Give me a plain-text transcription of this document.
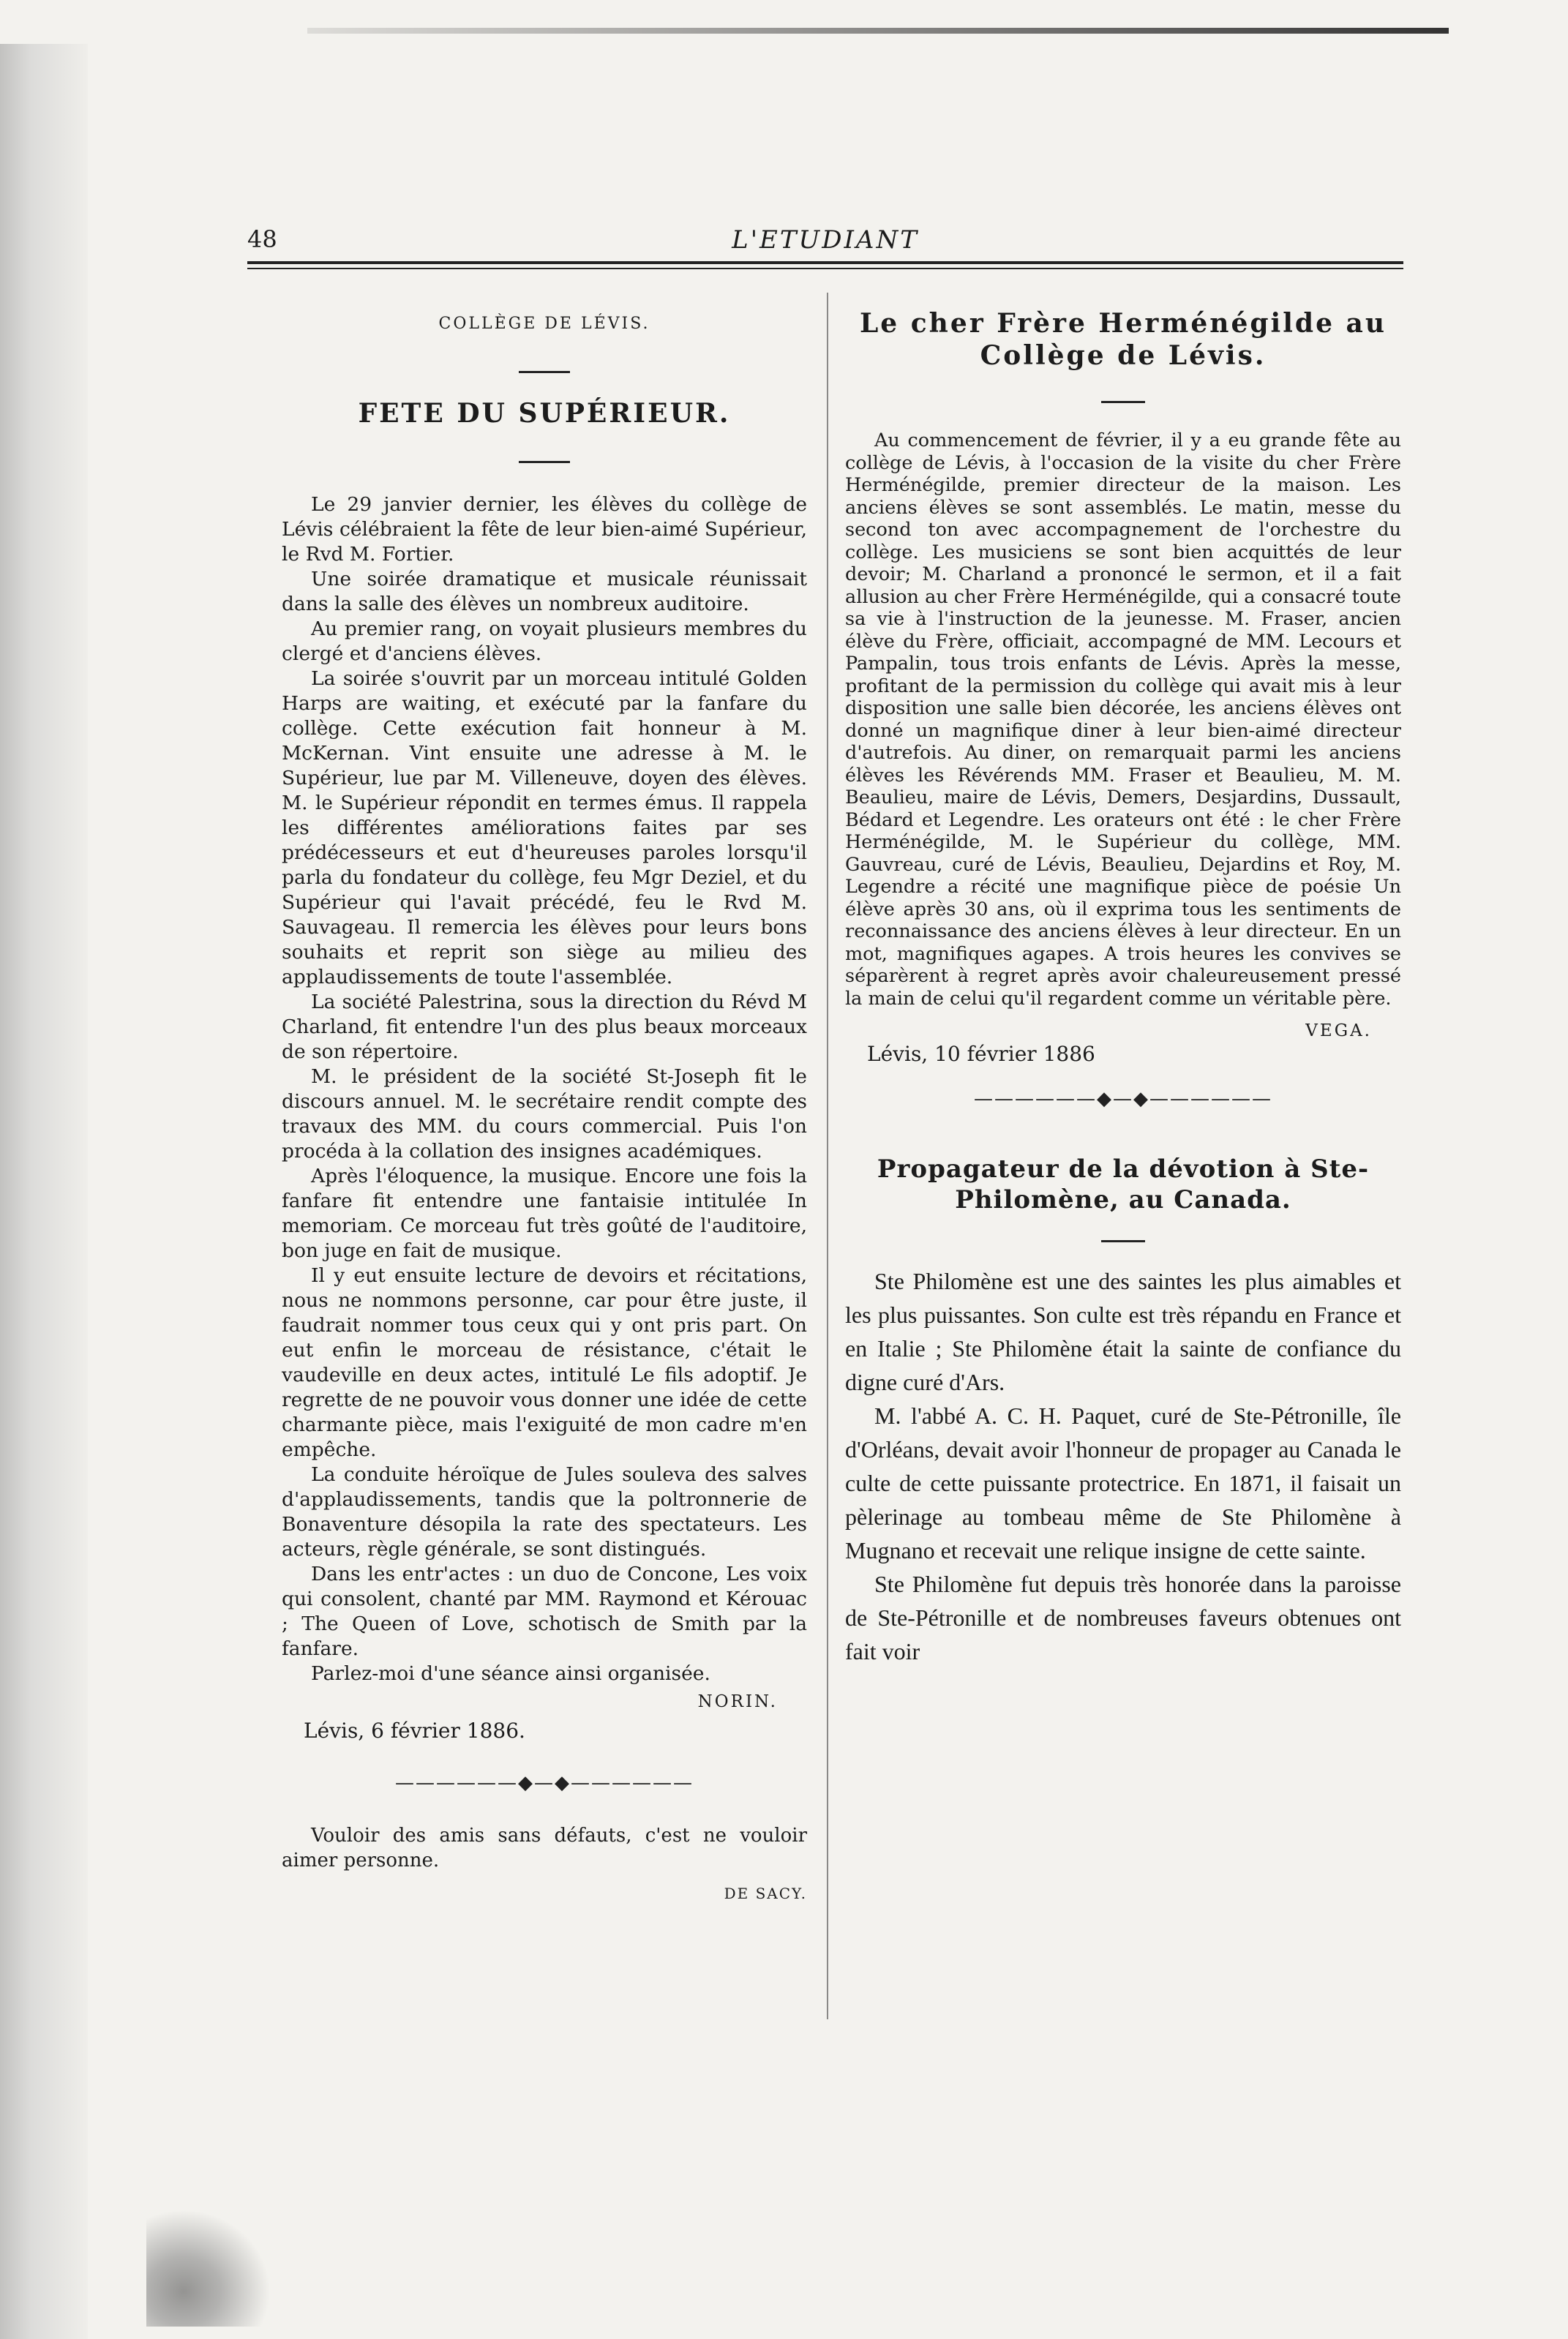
48	L'ETUDIANT
COLLÈGE DE LÉVIS.
FETE DU SUPÉRIEUR.

Le 29 janvier dernier, les élèves du collège de Lévis célébraient la fête de leur bien-aimé Supérieur, le Rvd M. Fortier.

Une soirée dramatique et musicale réunissait dans la salle des élèves un nombreux auditoire.

Au premier rang, on voyait plusieurs membres du clergé et d'anciens élèves.

La soirée s'ouvrit par un morceau intitulé Golden Harps are waiting, et exécuté par la fanfare du collège. Cette exécution fait honneur à M. McKernan. Vint ensuite une adresse à M. le Supérieur, lue par M. Villeneuve, doyen des élèves. M. le Supérieur répondit en termes émus. Il rappela les différentes améliorations faites par ses prédécesseurs et eut d'heureuses paroles lorsqu'il parla du fondateur du collège, feu Mgr Deziel, et du Supérieur qui l'avait précédé, feu le Rvd M. Sauvageau. Il remercia les élèves pour leurs bons souhaits et reprit son siège au milieu des applaudissements de toute l'assemblée.

La société Palestrina, sous la direction du Révd M Charland, fit entendre l'un des plus beaux morceaux de son répertoire.

M. le président de la société St-Joseph fit le discours annuel. M. le secrétaire rendit compte des travaux des MM. du cours commercial. Puis l'on procéda à la collation des insignes académiques.

Après l'éloquence, la musique. Encore une fois la fanfare fit entendre une fantaisie intitulée In memoriam. Ce morceau fut très goûté de l'auditoire, bon juge en fait de musique.

Il y eut ensuite lecture de devoirs et récitations, nous ne nommons personne, car pour être juste, il faudrait nommer tous ceux qui y ont pris part. On eut enfin le morceau de résistance, c'était le vaudeville en deux actes, intitulé Le fils adoptif. Je regrette de ne pouvoir vous donner une idée de cette charmante pièce, mais l'exiguité de mon cadre m'en empêche.

La conduite héroïque de Jules souleva des salves d'applaudissements, tandis que la poltronnerie de Bonaventure désopila la rate des spectateurs. Les acteurs, règle générale, se sont distingués.

Dans les entr'actes : un duo de Concone, Les voix qui consolent, chanté par MM. Raymond et Kérouac ; The Queen of Love, schotisch de Smith par la fanfare.

Parlez-moi d'une séance ainsi organisée.

NORIN.
Lévis, 6 février 1886.
——————◆—◆——————

Vouloir des amis sans défauts, c'est ne vouloir aimer personne.

DE SACY.
Le cher Frère Herménégilde au Collège de Lévis.

Au commencement de février, il y a eu grande fête au collège de Lévis, à l'occasion de la visite du cher Frère Herménégilde, premier directeur de la maison. Les anciens élèves se sont assemblés. Le matin, messe du second ton avec accompagnement de l'orchestre du collège. Les musiciens se sont bien acquittés de leur devoir; M. Charland a prononcé le sermon, et il a fait allusion au cher Frère Herménégilde, qui a consacré toute sa vie à l'instruction de la jeunesse. M. Fraser, ancien élève du Frère, officiait, accompagné de MM. Lecours et Pampalin, tous trois enfants de Lévis. Après la messe, profitant de la permission du collège qui avait mis à leur disposition une salle bien décorée, les anciens élèves ont donné un magnifique diner à leur bien-aimé directeur d'autrefois. Au diner, on remarquait parmi les anciens élèves les Révérends MM. Fraser et Beaulieu, M. M. Beaulieu, maire de Lévis, Demers, Desjardins, Dussault, Bédard et Legendre. Les orateurs ont été : le cher Frère Herménégilde, M. le Supérieur du collège, MM. Gauvreau, curé de Lévis, Beaulieu, Dejardins et Roy, M. Legendre a récité une magnifique pièce de poésie Un élève après 30 ans, où il exprima tous les sentiments de reconnaissance des anciens élèves à leur directeur. En un mot, magnifiques agapes. A trois heures les convives se séparèrent à regret après avoir chaleureusement pressé la main de celui qu'il regardent comme un véritable père.

VEGA.
Lévis, 10 février 1886
——————◆—◆——————
Propagateur de la dévotion à Ste-Philomène, au Canada.

Ste Philomène est une des saintes les plus aimables et les plus puissantes. Son culte est très répandu en France et en Italie ; Ste Philomène était la sainte de confiance du digne curé d'Ars.

M. l'abbé A. C. H. Paquet, curé de Ste-Pétronille, île d'Orléans, devait avoir l'honneur de propager au Canada le culte de cette puissante protectrice. En 1871, il faisait un pèlerinage au tombeau même de Ste Philomène à Mugnano et recevait une relique insigne de cette sainte.

Ste Philomène fut depuis très honorée dans la paroisse de Ste-Pétronille et de nombreuses faveurs obtenues ont fait voir
